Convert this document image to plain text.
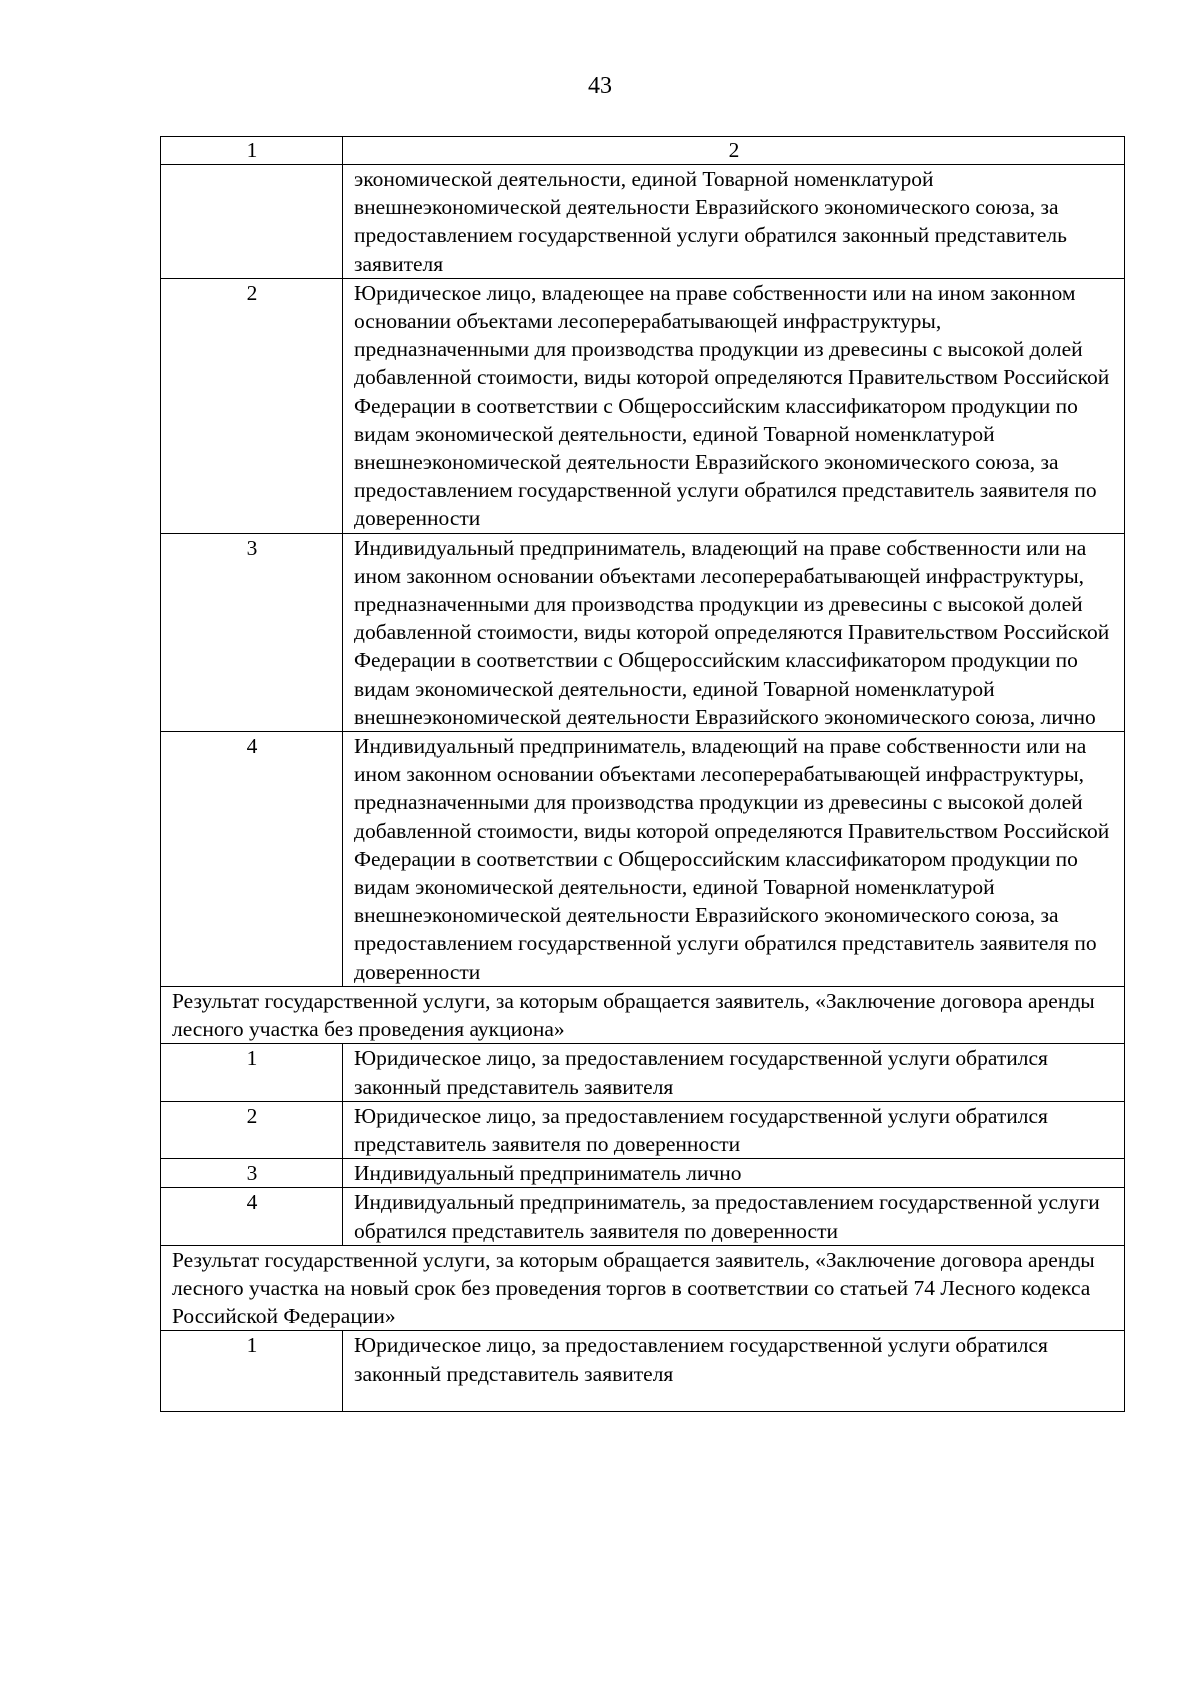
43
1	2
	экономической деятельности, единой Товарной номенклатурой внешнеэкономической деятельности Евразийского экономического союза, за предоставлением государственной услуги обратился законный представитель заявителя
2	Юридическое лицо, владеющее на праве собственности или на ином законном основании объектами лесоперерабатывающей инфраструктуры, предназначенными для производства продукции из древесины с высокой долей добавленной стоимости, виды которой определяются Правительством Российской Федерации в соответствии с Общероссийским классификатором продукции по видам экономической деятельности, единой Товарной номенклатурой внешнеэкономической деятельности Евразийского экономического союза, за предоставлением государственной услуги обратился представитель заявителя по доверенности
3	Индивидуальный предприниматель, владеющий на праве собственности или на ином законном основании объектами лесоперерабатывающей инфраструктуры, предназначенными для производства продукции из древесины с высокой долей добавленной стоимости, виды которой определяются Правительством Российской Федерации в соответствии с Общероссийским классификатором продукции по видам экономической деятельности, единой Товарной номенклатурой внешнеэкономической деятельности Евразийского экономического союза, лично
4	Индивидуальный предприниматель, владеющий на праве собственности или на ином законном основании объектами лесоперерабатывающей инфраструктуры, предназначенными для производства продукции из древесины с высокой долей добавленной стоимости, виды которой определяются Правительством Российской Федерации в соответствии с Общероссийским классификатором продукции по видам экономической деятельности, единой Товарной номенклатурой внешнеэкономической деятельности Евразийского экономического союза, за предоставлением государственной услуги обратился представитель заявителя по доверенности
Результат государственной услуги, за которым обращается заявитель, «Заключение договора аренды лесного участка без проведения аукциона»	
1	Юридическое лицо, за предоставлением государственной услуги обратился законный представитель заявителя
2	Юридическое лицо, за предоставлением государственной услуги обратился представитель заявителя по доверенности
3	Индивидуальный предприниматель лично
4	Индивидуальный предприниматель, за предоставлением государственной услуги обратился представитель заявителя по доверенности
Результат государственной услуги, за которым обращается заявитель, «Заключение договора аренды лесного участка на новый срок без проведения торгов в соответствии со статьей 74 Лесного кодекса Российской Федерации»	
1	Юридическое лицо, за предоставлением государственной услуги обратился законный представитель заявителя
